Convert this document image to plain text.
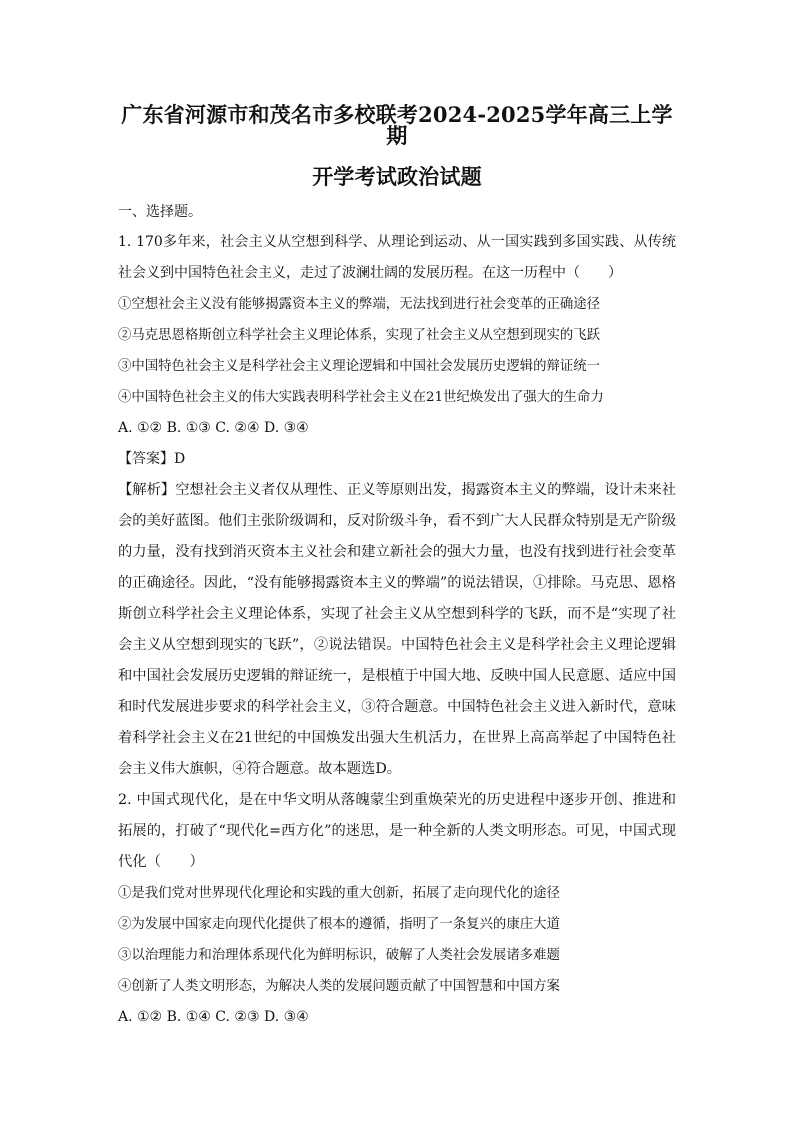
广东省河源市和茂名市多校联考2024-2025学年高三上学期
开学考试政治试题
一、选择题。
1. 170多年来，社会主义从空想到科学、从理论到运动、从一国实践到多国实践、从传统社会义到中国特色社会主义，走过了波澜壮阔的发展历程。在这一历程中（　　）
①空想社会主义没有能够揭露资本主义的弊端，无法找到进行社会变革的正确途径
②马克思恩格斯创立科学社会主义理论体系，实现了社会主义从空想到现实的飞跃
③中国特色社会主义是科学社会主义理论逻辑和中国社会发展历史逻辑的辩证统一
④中国特色社会主义的伟大实践表明科学社会主义在21世纪焕发出了强大的生命力
A. ①② B. ①③ C. ②④ D. ③④
【答案】D
【解析】空想社会主义者仅从理性、正义等原则出发，揭露资本主义的弊端，设计未来社会的美好蓝图。他们主张阶级调和，反对阶级斗争，看不到广大人民群众特别是无产阶级的力量，没有找到消灭资本主义社会和建立新社会的强大力量，也没有找到进行社会变革的正确途径。因此，“没有能够揭露资本主义的弊端”的说法错误，①排除。马克思、恩格斯创立科学社会主义理论体系，实现了社会主义从空想到科学的飞跃，而不是“实现了社会主义从空想到现实的飞跃”，②说法错误。中国特色社会主义是科学社会主义理论逻辑和中国社会发展历史逻辑的辩证统一，是根植于中国大地、反映中国人民意愿、适应中国和时代发展进步要求的科学社会主义，③符合题意。中国特色社会主义进入新时代，意味着科学社会主义在21世纪的中国焕发出强大生机活力，在世界上高高举起了中国特色社会主义伟大旗帜，④符合题意。故本题选D。
2. 中国式现代化，是在中华文明从落魄蒙尘到重焕荣光的历史进程中逐步开创、推进和拓展的，打破了“现代化=西方化”的迷思，是一种全新的人类文明形态。可见，中国式现代化（　　）
①是我们党对世界现代化理论和实践的重大创新，拓展了走向现代化的途径
②为发展中国家走向现代化提供了根本的遵循，指明了一条复兴的康庄大道
③以治理能力和治理体系现代化为鲜明标识，破解了人类社会发展诸多难题
④创新了人类文明形态，为解决人类的发展问题贡献了中国智慧和中国方案
A. ①② B. ①④ C. ②③ D. ③④
